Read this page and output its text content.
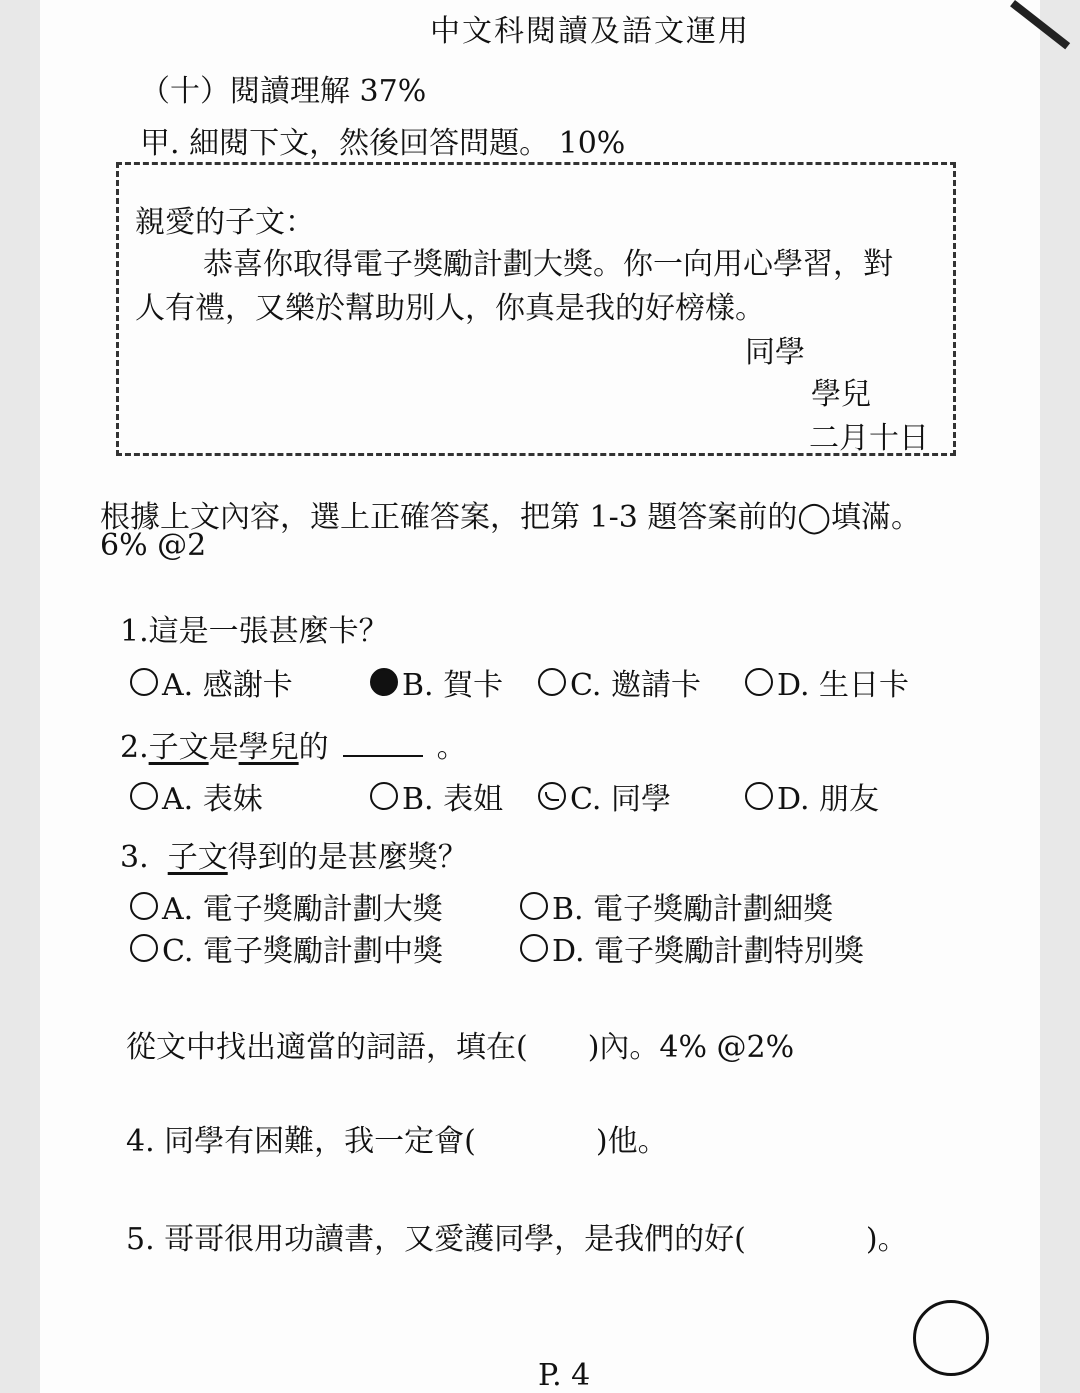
中文科閱讀及語文運用
（十）閱讀理解 37%
甲. 細閱下文，然後回答問題。 10%
親愛的子文：
恭喜你取得電子獎勵計劃大獎。你一向用心學習，對
人有禮，又樂於幫助別人，你真是我的好榜樣。
同學
學兒
二月十日
根據上文內容，選上正確答案，把第 1-3 題答案前的◯填滿。
6% @2
1.這是一張甚麼卡？
A. 感謝卡	B. 賀卡 C. 邀請卡	D. 生日卡
2.子文是學兒的	。
A. 表妹	B. 表姐 C. 同學	D. 朋友
3. 子文得到的是甚麼獎？
A. 電子獎勵計劃大獎	B. 電子獎勵計劃細獎
C. 電子獎勵計劃中獎	D. 電子獎勵計劃特別獎
從文中找出適當的詞語，填在(　　)內。4% @2%
4. 同學有困難，我一定會(　　　　)他。
5. 哥哥很用功讀書，又愛護同學，是我們的好(　　　　)。
P. 4
